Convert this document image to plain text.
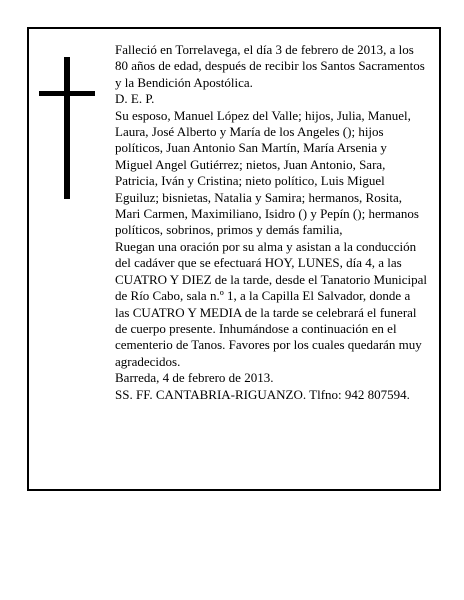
Falleció en Torrelavega, el día 3 de febrero de 2013, a los 80 años de edad, después de recibir los Santos Sacramentos y la Bendición Apostólica.

D. E. P.

Su esposo, Manuel López del Valle; hijos, Julia, Manuel, Laura, José Alberto y María de los Angeles (); hijos políticos, Juan Antonio San Martín, María Arsenia y Miguel Angel Gutiérrez; nietos, Juan Antonio, Sara, Patricia, Iván y Cristina; nieto político, Luis Miguel Eguiluz; bisnietas, Natalia y Samira; hermanos, Rosita, Mari Carmen, Maximiliano, Isidro () y Pepín (); hermanos políticos, sobrinos, primos y demás familia,

Ruegan una oración por su alma y asistan a la conducción del cadáver que se efectuará HOY, LUNES, día 4, a las CUATRO Y DIEZ de la tarde, desde el Tanatorio Municipal de Río Cabo, sala n.º 1, a la Capilla El Salvador, donde a las CUATRO Y MEDIA de la tarde se celebrará el funeral de cuerpo presente. Inhumándose a continuación en el cementerio de Tanos. Favores por los cuales quedarán muy agradecidos.

Barreda, 4 de febrero de 2013.

SS. FF. CANTABRIA-RIGUANZO. Tlfno: 942 807594.
